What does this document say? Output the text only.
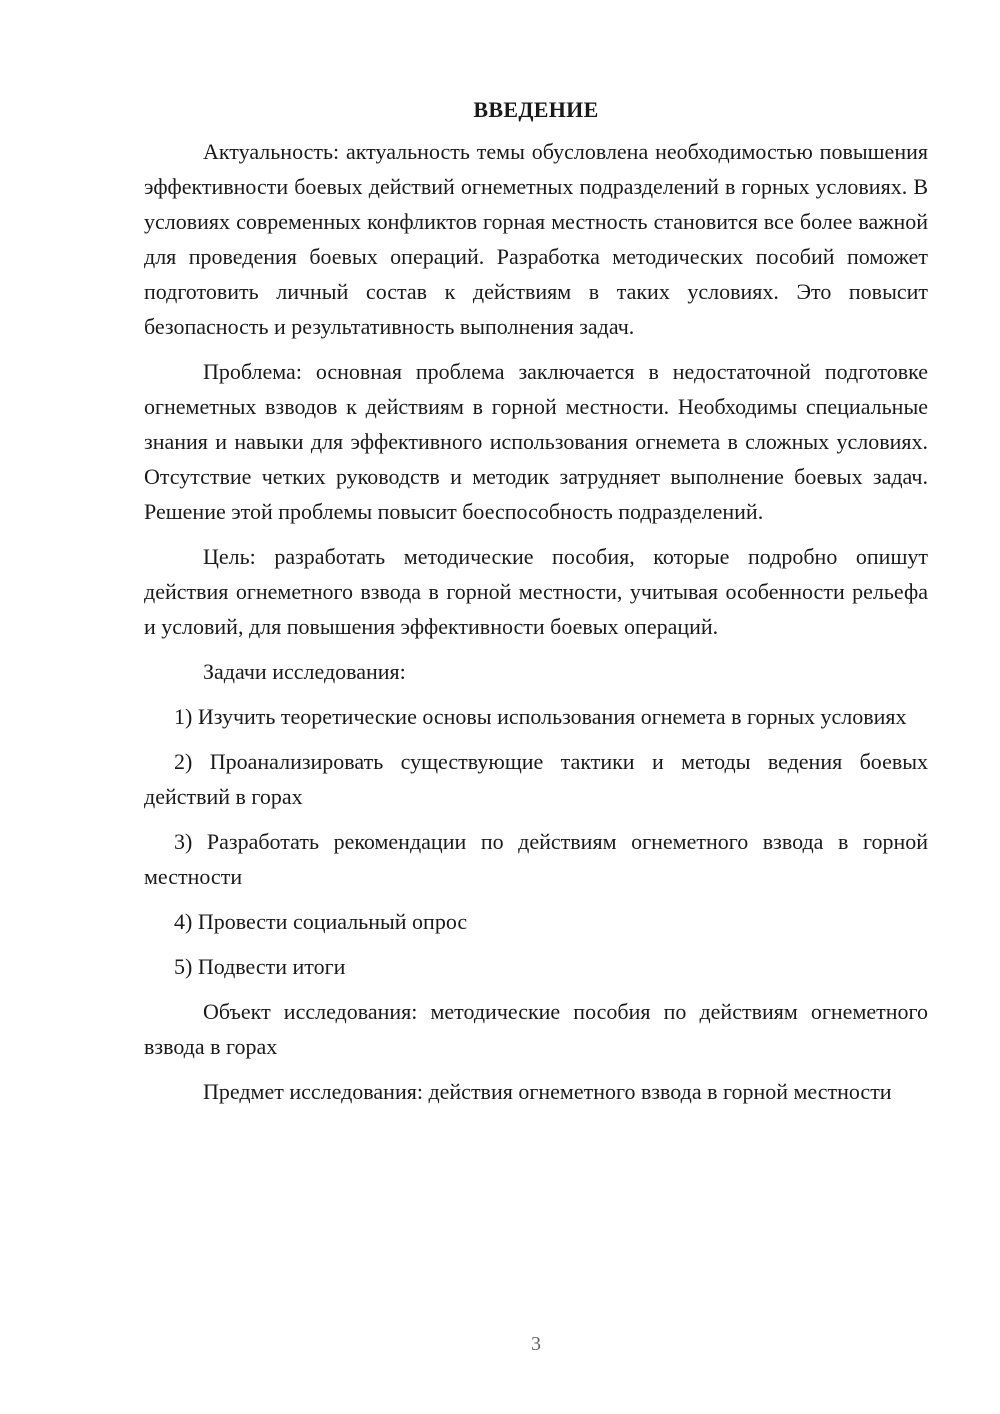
ВВЕДЕНИЕ

Актуальность: актуальность темы обусловлена необходимостью повышения эффективности боевых действий огнеметных подразделений в горных условиях. В условиях современных конфликтов горная местность становится все более важной для проведения боевых операций. Разработка методических пособий поможет подготовить личный состав к действиям в таких условиях. Это повысит безопасность и результативность выполнения задач.

Проблема: основная проблема заключается в недостаточной подготовке огнеметных взводов к действиям в горной местности. Необходимы специальные знания и навыки для эффективного использования огнемета в сложных условиях. Отсутствие четких руководств и методик затрудняет выполнение боевых задач. Решение этой проблемы повысит боеспособность подразделений.

Цель: разработать методические пособия, которые подробно опишут действия огнеметного взвода в горной местности, учитывая особенности рельефа и условий, для повышения эффективности боевых операций.

Задачи исследования:

1) Изучить теоретические основы использования огнемета в горных условиях

2) Проанализировать существующие тактики и методы ведения боевых действий в горах

3) Разработать рекомендации по действиям огнеметного взвода в горной местности

4) Провести социальный опрос

5) Подвести итоги

Объект исследования: методические пособия по действиям огнеметного взвода в горах

Предмет исследования: действия огнеметного взвода в горной местности

3
